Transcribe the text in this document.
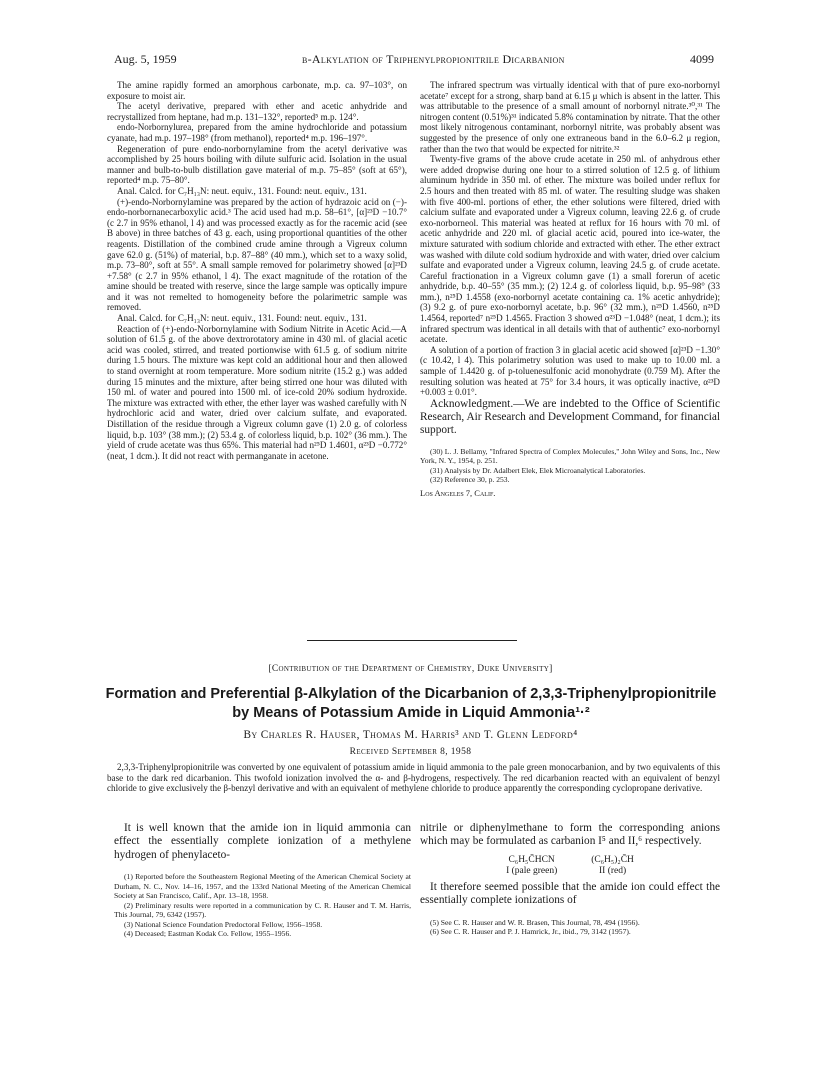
Aug. 5, 1959	β-Alkylation of Triphenylpropionitrile Dicarbanion	4099

The amine rapidly formed an amorphous carbonate, m.p. ca. 97–103°, on exposure to moist air.

The acetyl derivative, prepared with ether and acetic anhydride and recrystallized from heptane, had m.p. 131–132°, reported⁵ m.p. 124°.

endo-Norbornylurea, prepared from the amine hydrochloride and potassium cyanate, had m.p. 197–198° (from methanol), reported⁴ m.p. 196–197°.

Regeneration of pure endo-norbornylamine from the acetyl derivative was accomplished by 25 hours boiling with dilute sulfuric acid. Isolation in the usual manner and bulb-to-bulb distillation gave material of m.p. 75–85° (soft at 65°), reported⁴ m.p. 75–80°.

Anal. Calcd. for C₇H₁₃N: neut. equiv., 131. Found: neut. equiv., 131.

(+)-endo-Norbornylamine was prepared by the action of hydrazoic acid on (−)-endo-norbornanecarboxylic acid.³ The acid used had m.p. 58–61°, [α]²³D −10.7° (c 2.7 in 95% ethanol, l 4) and was processed exactly as for the racemic acid (see B above) in three batches of 43 g. each, using proportional quantities of the other reagents. Distillation of the combined crude amine through a Vigreux column gave 62.0 g. (51%) of material, b.p. 87–88° (40 mm.), which set to a waxy solid, m.p. 73–80°, soft at 55°. A small sample removed for polarimetry showed [α]²³D +7.58° (c 2.7 in 95% ethanol, l 4). The exact magnitude of the rotation of the amine should be treated with reserve, since the large sample was optically impure and it was not remelted to homogeneity before the polarimetric sample was removed.

Anal. Calcd. for C₇H₁₃N: neut. equiv., 131. Found: neut. equiv., 131.

Reaction of (+)-endo-Norbornylamine with Sodium Nitrite in Acetic Acid.—A solution of 61.5 g. of the above dextrorotatory amine in 430 ml. of glacial acetic acid was cooled, stirred, and treated portionwise with 61.5 g. of sodium nitrite during 1.5 hours. The mixture was kept cold an additional hour and then allowed to stand overnight at room temperature. More sodium nitrite (15.2 g.) was added during 15 minutes and the mixture, after being stirred one hour was diluted with 150 ml. of water and poured into 1500 ml. of ice-cold 20% sodium hydroxide. The mixture was extracted with ether, the ether layer was washed carefully with N hydrochloric acid and water, dried over calcium sulfate, and evaporated. Distillation of the residue through a Vigreux column gave (1) 2.0 g. of colorless liquid, b.p. 103° (38 mm.); (2) 53.4 g. of colorless liquid, b.p. 102° (36 mm.). The yield of crude acetate was thus 65%. This material had n²⁵D 1.4601, α²³D −0.772° (neat, 1 dcm.). It did not react with permanganate in acetone.

The infrared spectrum was virtually identical with that of pure exo-norbornyl acetate⁷ except for a strong, sharp band at 6.15 μ which is absent in the latter. This was attributable to the presence of a small amount of norbornyl nitrate.³⁰,³¹ The nitrogen content (0.51%)³¹ indicated 5.8% contamination by nitrate. That the other most likely nitrogenous contaminant, norbornyl nitrite, was probably absent was suggested by the presence of only one extraneous band in the 6.0–6.2 μ region, rather than the two that would be expected for nitrite.³²

Twenty-five grams of the above crude acetate in 250 ml. of anhydrous ether were added dropwise during one hour to a stirred solution of 12.5 g. of lithium aluminum hydride in 350 ml. of ether. The mixture was boiled under reflux for 2.5 hours and then treated with 85 ml. of water. The resulting sludge was shaken with five 400-ml. portions of ether, the ether solutions were filtered, dried with calcium sulfate and evaporated under a Vigreux column, leaving 22.6 g. of crude exo-norborneol. This material was heated at reflux for 16 hours with 70 ml. of acetic anhydride and 220 ml. of glacial acetic acid, poured into ice-water, the mixture saturated with sodium chloride and extracted with ether. The ether extract was washed with dilute cold sodium hydroxide and with water, dried over calcium sulfate and evaporated under a Vigreux column, leaving 24.5 g. of crude acetate. Careful fractionation in a Vigreux column gave (1) a small forerun of acetic anhydride, b.p. 40–55° (35 mm.); (2) 12.4 g. of colorless liquid, b.p. 95–98° (33 mm.), n²⁵D 1.4558 (exo-norbornyl acetate containing ca. 1% acetic anhydride); (3) 9.2 g. of pure exo-norbornyl acetate, b.p. 96° (32 mm.), n²⁵D 1.4560, n²⁵D 1.4564, reported⁷ n²⁵D 1.4565. Fraction 3 showed α²³D −1.048° (neat, 1 dcm.); its infrared spectrum was identical in all details with that of authentic⁷ exo-norbornyl acetate.

A solution of a portion of fraction 3 in glacial acetic acid showed [α]²³D −1.30° (c 10.42, l 4). This polarimetry solution was used to make up to 10.00 ml. a sample of 1.4420 g. of p-toluenesulfonic acid monohydrate (0.759 M). After the resulting solution was heated at 75° for 3.4 hours, it was optically inactive, α²³D +0.003 ± 0.01°.

Acknowledgment.—We are indebted to the Office of Scientific Research, Air Research and Development Command, for financial support.

(30) L. J. Bellamy, "Infrared Spectra of Complex Molecules," John Wiley and Sons, Inc., New York, N. Y., 1954, p. 251.
(31) Analysis by Dr. Adalbert Elek, Elek Microanalytical Laboratories.
(32) Reference 30, p. 253.
Los Angeles 7, Calif.
[Contribution of the Department of Chemistry, Duke University]
Formation and Preferential β-Alkylation of the Dicarbanion of 2,3,3-Triphenylpropionitrile by Means of Potassium Amide in Liquid Ammonia¹·²
By Charles R. Hauser, Thomas M. Harris³ and T. Glenn Ledford⁴
Received September 8, 1958
2,3,3-Triphenylpropionitrile was converted by one equivalent of potassium amide in liquid ammonia to the pale green monocarbanion, and by two equivalents of this base to the dark red dicarbanion. This twofold ionization involved the α- and β-hydrogens, respectively. The red dicarbanion reacted with an equivalent of benzyl chloride to give exclusively the β-benzyl derivative and with an equivalent of methylene chloride to produce apparently the corresponding cyclopropane derivative.

It is well known that the amide ion in liquid ammonia can effect the essentially complete ionization of a methylene hydrogen of phenylaceto-

(1) Reported before the Southeastern Regional Meeting of the American Chemical Society at Durham, N. C., Nov. 14–16, 1957, and the 133rd National Meeting of the American Chemical Society at San Francisco, Calif., Apr. 13–18, 1958.
(2) Preliminary results were reported in a communication by C. R. Hauser and T. M. Harris, This Journal, 79, 6342 (1957).
(3) National Science Foundation Predoctoral Fellow, 1956–1958.
(4) Deceased; Eastman Kodak Co. Fellow, 1955–1956.

nitrile or diphenylmethane to form the corresponding anions which may be formulated as carbanion I⁵ and II,⁶ respectively.

C₆H₅C̄HCN
I (pale green)
(C₆H₅)₂C̄H
II (red)

It therefore seemed possible that the amide ion could effect the essentially complete ionizations of

(5) See C. R. Hauser and W. R. Brasen, This Journal, 78, 494 (1956).
(6) See C. R. Hauser and P. J. Hamrick, Jr., ibid., 79, 3142 (1957).
